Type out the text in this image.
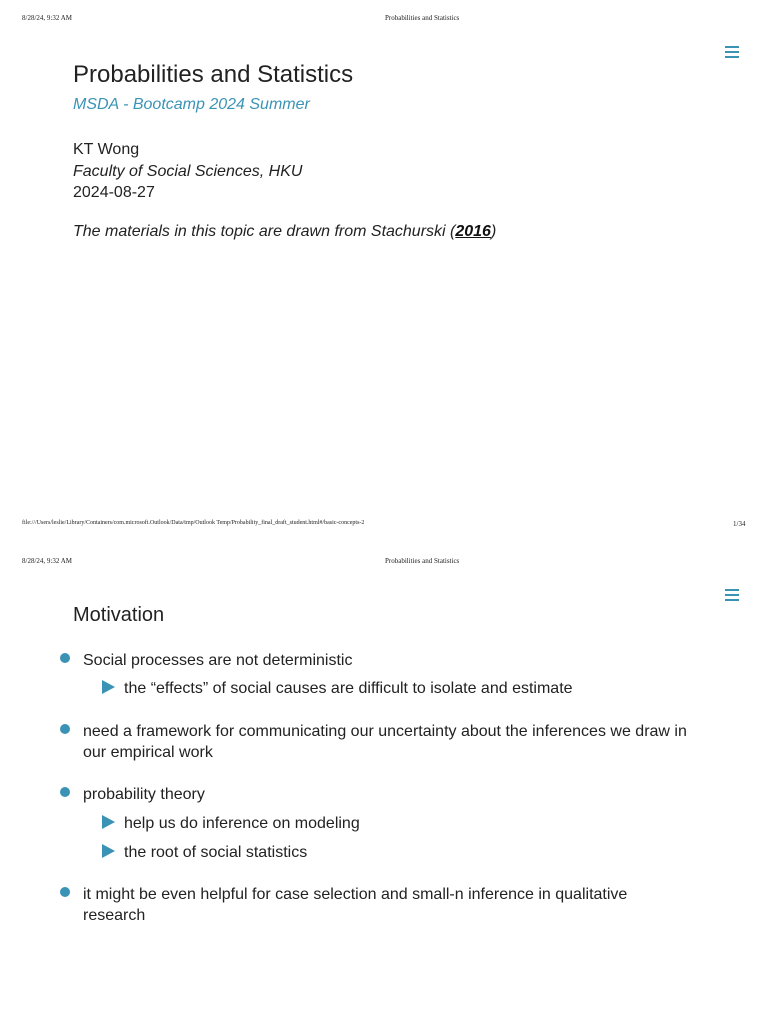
8/28/24, 9:32 AM	Probabilities and Statistics
Probabilities and Statistics
MSDA - Bootcamp 2024 Summer
KT Wong
Faculty of Social Sciences, HKU
2024-08-27
The materials in this topic are drawn from Stachurski (2016)
file:///Users/leslie/Library/Containers/com.microsoft.Outlook/Data/tmp/Outlook Temp/Probability_final_draft_student.html#/basic-concepts-2	1/34
8/28/24, 9:32 AM	Probabilities and Statistics
Motivation
Social processes are not deterministic
the “effects” of social causes are difficult to isolate and estimate
need a framework for communicating our uncertainty about the inferences we draw in our empirical work
probability theory
help us do inference on modeling
the root of social statistics
it might be even helpful for case selection and small-n inference in qualitative research
